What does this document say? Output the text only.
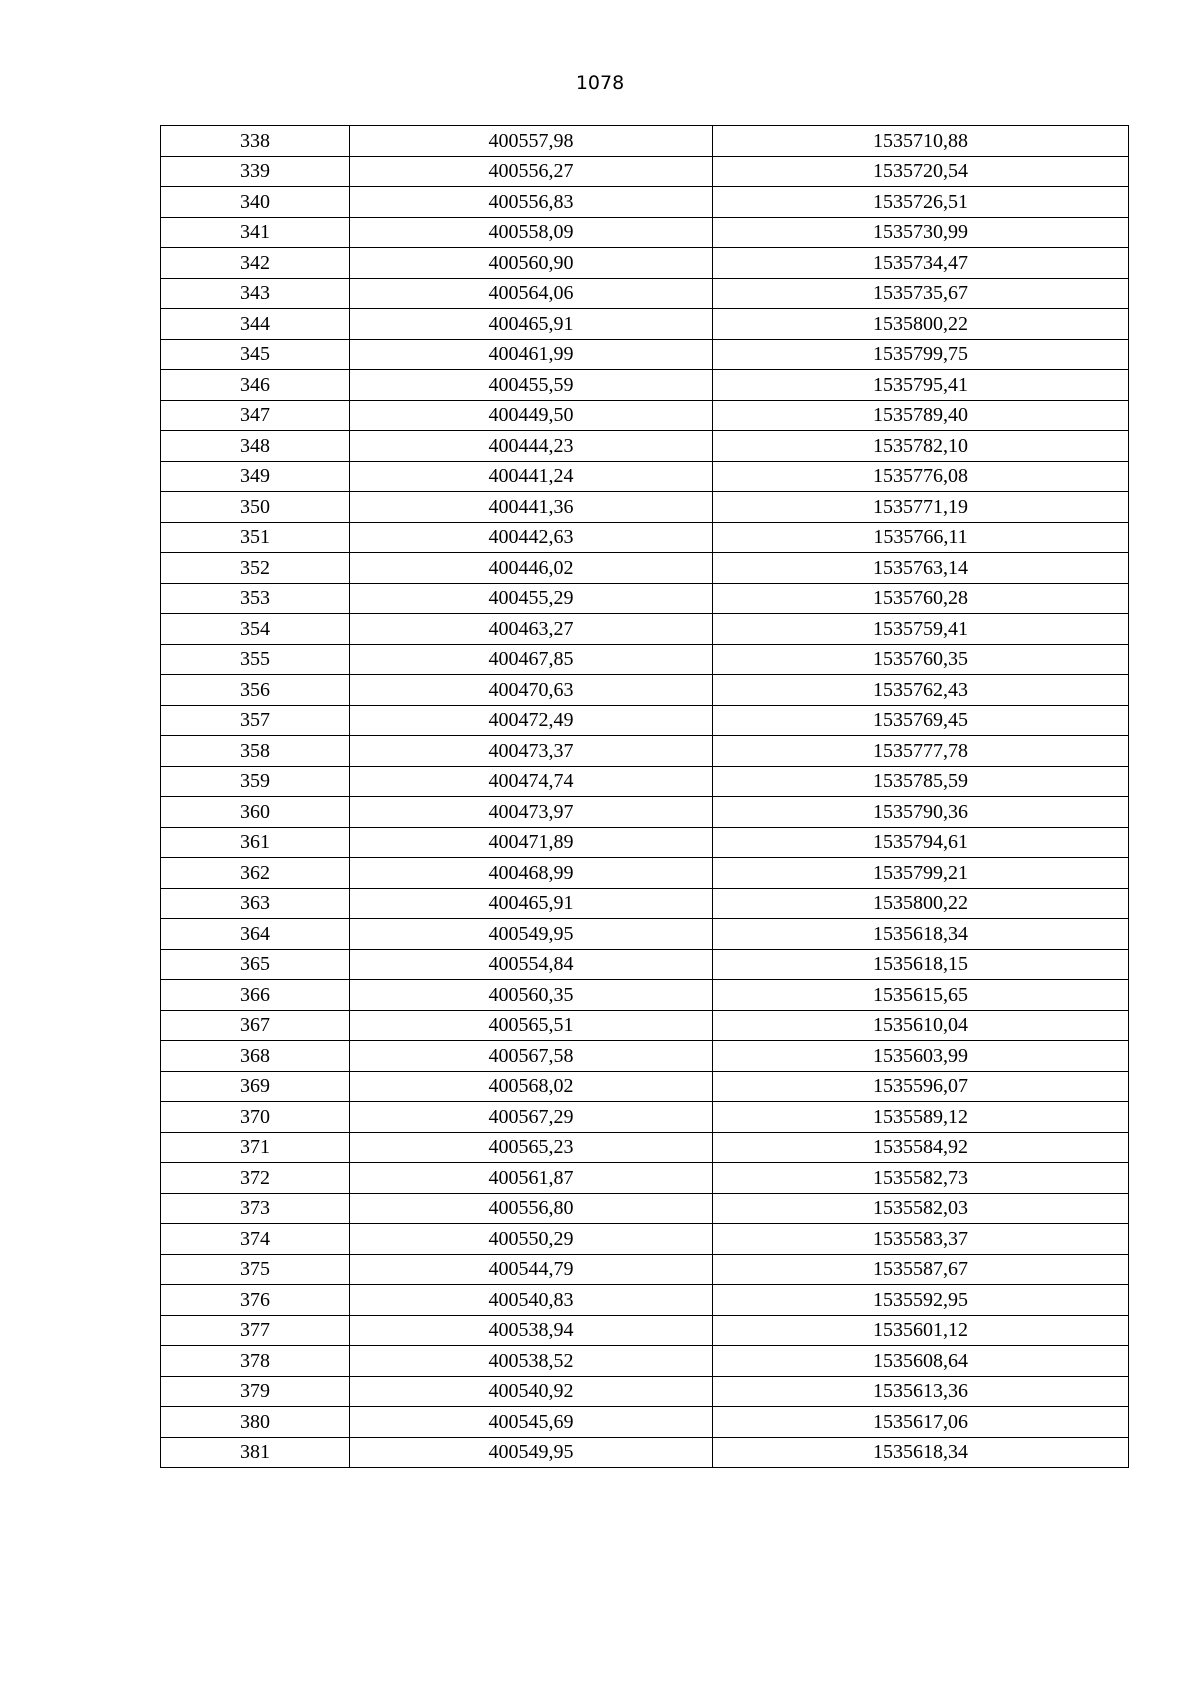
1078
338	400557,98	1535710,88
339	400556,27	1535720,54
340	400556,83	1535726,51
341	400558,09	1535730,99
342	400560,90	1535734,47
343	400564,06	1535735,67
344	400465,91	1535800,22
345	400461,99	1535799,75
346	400455,59	1535795,41
347	400449,50	1535789,40
348	400444,23	1535782,10
349	400441,24	1535776,08
350	400441,36	1535771,19
351	400442,63	1535766,11
352	400446,02	1535763,14
353	400455,29	1535760,28
354	400463,27	1535759,41
355	400467,85	1535760,35
356	400470,63	1535762,43
357	400472,49	1535769,45
358	400473,37	1535777,78
359	400474,74	1535785,59
360	400473,97	1535790,36
361	400471,89	1535794,61
362	400468,99	1535799,21
363	400465,91	1535800,22
364	400549,95	1535618,34
365	400554,84	1535618,15
366	400560,35	1535615,65
367	400565,51	1535610,04
368	400567,58	1535603,99
369	400568,02	1535596,07
370	400567,29	1535589,12
371	400565,23	1535584,92
372	400561,87	1535582,73
373	400556,80	1535582,03
374	400550,29	1535583,37
375	400544,79	1535587,67
376	400540,83	1535592,95
377	400538,94	1535601,12
378	400538,52	1535608,64
379	400540,92	1535613,36
380	400545,69	1535617,06
381	400549,95	1535618,34
